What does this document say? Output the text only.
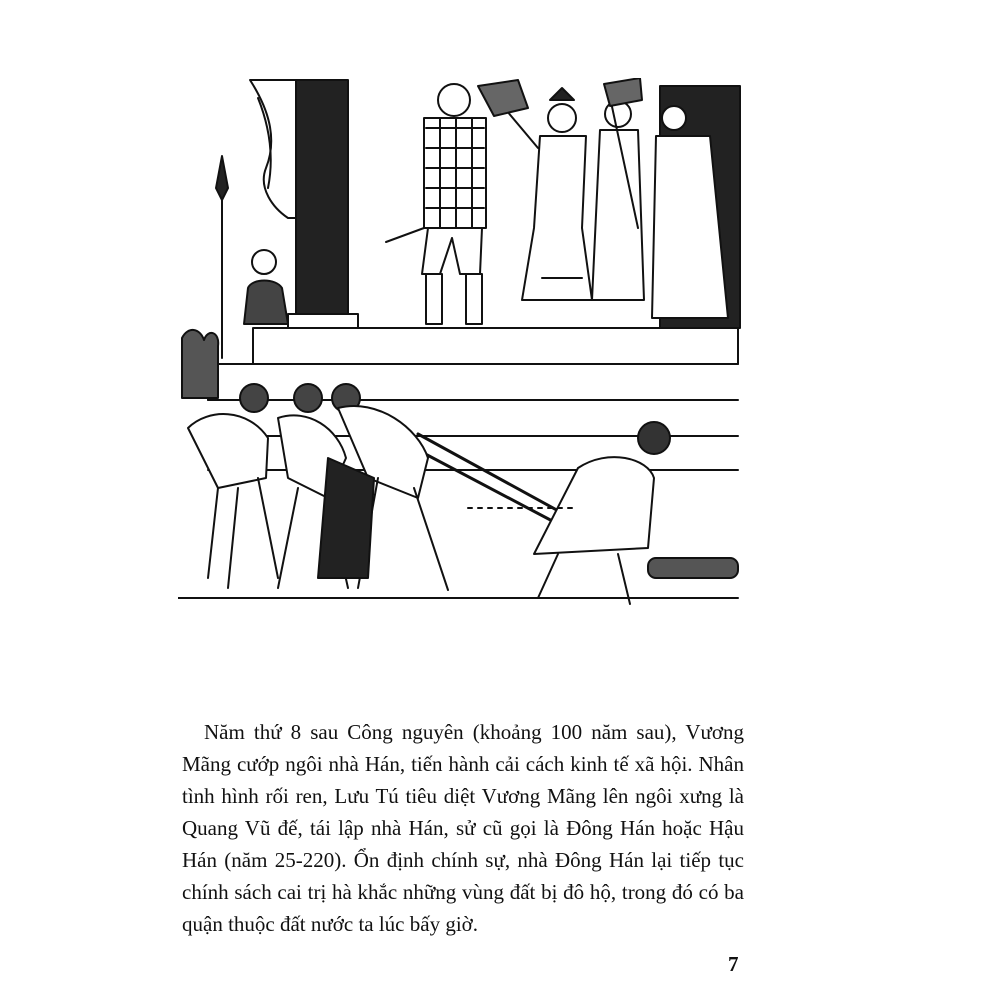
Năm thứ 8 sau Công nguyên (khoảng 100 năm sau), Vương Mãng cướp ngôi nhà Hán, tiến hành cải cách kinh tế xã hội. Nhân tình hình rối ren, Lưu Tú tiêu diệt Vương Mãng lên ngôi xưng là Quang Vũ đế, tái lập nhà Hán, sử cũ gọi là Đông Hán hoặc Hậu Hán (năm 25-220). Ổn định chính sự, nhà Đông Hán lại tiếp tục chính sách cai trị hà khắc những vùng đất bị đô hộ, trong đó có ba quận thuộc đất nước ta lúc bấy giờ.

7
